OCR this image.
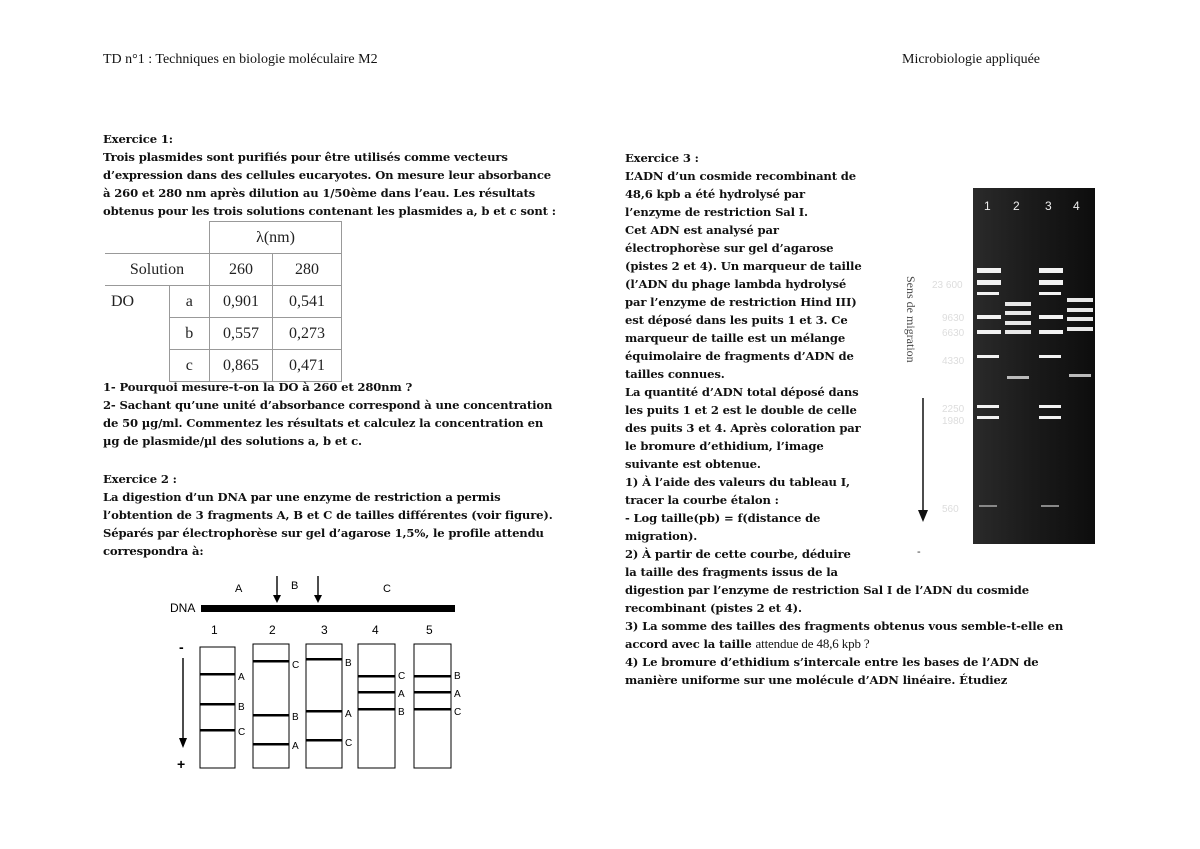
TD n°1 : Techniques en biologie moléculaire M2	Microbiologie appliquée
Exercice 1:
Trois plasmides sont purifiés pour être utilisés comme vecteurs
d’expression dans des cellules eucaryotes. On mesure leur absorbance
à 260 et 280 nm après dilution au 1/50ème dans l’eau. Les résultats
obtenus pour les trois solutions contenant les plasmides a, b et c sont :
		λ(nm)	
Solution		260	280
DO	a	0,901	0,541
	b	0,557	0,273
	c	0,865	0,471
1- Pourquoi mesure-t-on la DO à 260 et 280nm ?
2- Sachant qu’une unité d’absorbance correspond à une concentration
de 50 µg/ml. Commentez les résultats et calculez la concentration en
µg de plasmide/µl des solutions a, b et c.
Exercice 2 :
La digestion d’un DNA par une enzyme de restriction a permis
l’obtention de 3 fragments A, B et C de tailles différentes (voir figure).
Séparés par électrophorèse sur gel d’agarose 1,5%, le profile attendu
correspondra à:
A	B	C
DNA
1	2	3	4	5
-
+
A
B
C
C
B
A
B
A
C
C
A
B
B
A
C
Exercice 3 :
L’ADN d’un cosmide recombinant de
48,6 kpb a été hydrolysé par
l’enzyme de restriction Sal I.
Cet ADN est analysé par
électrophorèse sur gel d’agarose
(pistes 2 et 4). Un marqueur de taille
(l’ADN du phage lambda hydrolysé
par l’enzyme de restriction Hind III)
est déposé dans les puits 1 et 3. Ce
marqueur de taille est un mélange
équimolaire de fragments d’ADN de
tailles connues.
La quantité d’ADN total déposé dans
les puits 1 et 2 est le double de celle
des puits 3 et 4. Après coloration par
le bromure d’ethidium, l’image
suivante est obtenue.
1) À l’aide des valeurs du tableau I,
tracer la courbe étalon :
- Log taille(pb) = f(distance de
migration).
2) À partir de cette courbe, déduire
la taille des fragments issus de la
digestion par l’enzyme de restriction Sal I de l’ADN du cosmide
recombinant (pistes 2 et 4).
3) La somme des tailles des fragments obtenus vous semble-t-elle en
accord avec la taille attendue de 48,6 kpb ?
4) Le bromure d’ethidium s’intercale entre les bases de l’ADN de
manière uniforme sur une molécule d’ADN linéaire. Étudiez
Sens de migration
-
23 600
9630
6630
4330
2250
1980
560
1 2 3 4
